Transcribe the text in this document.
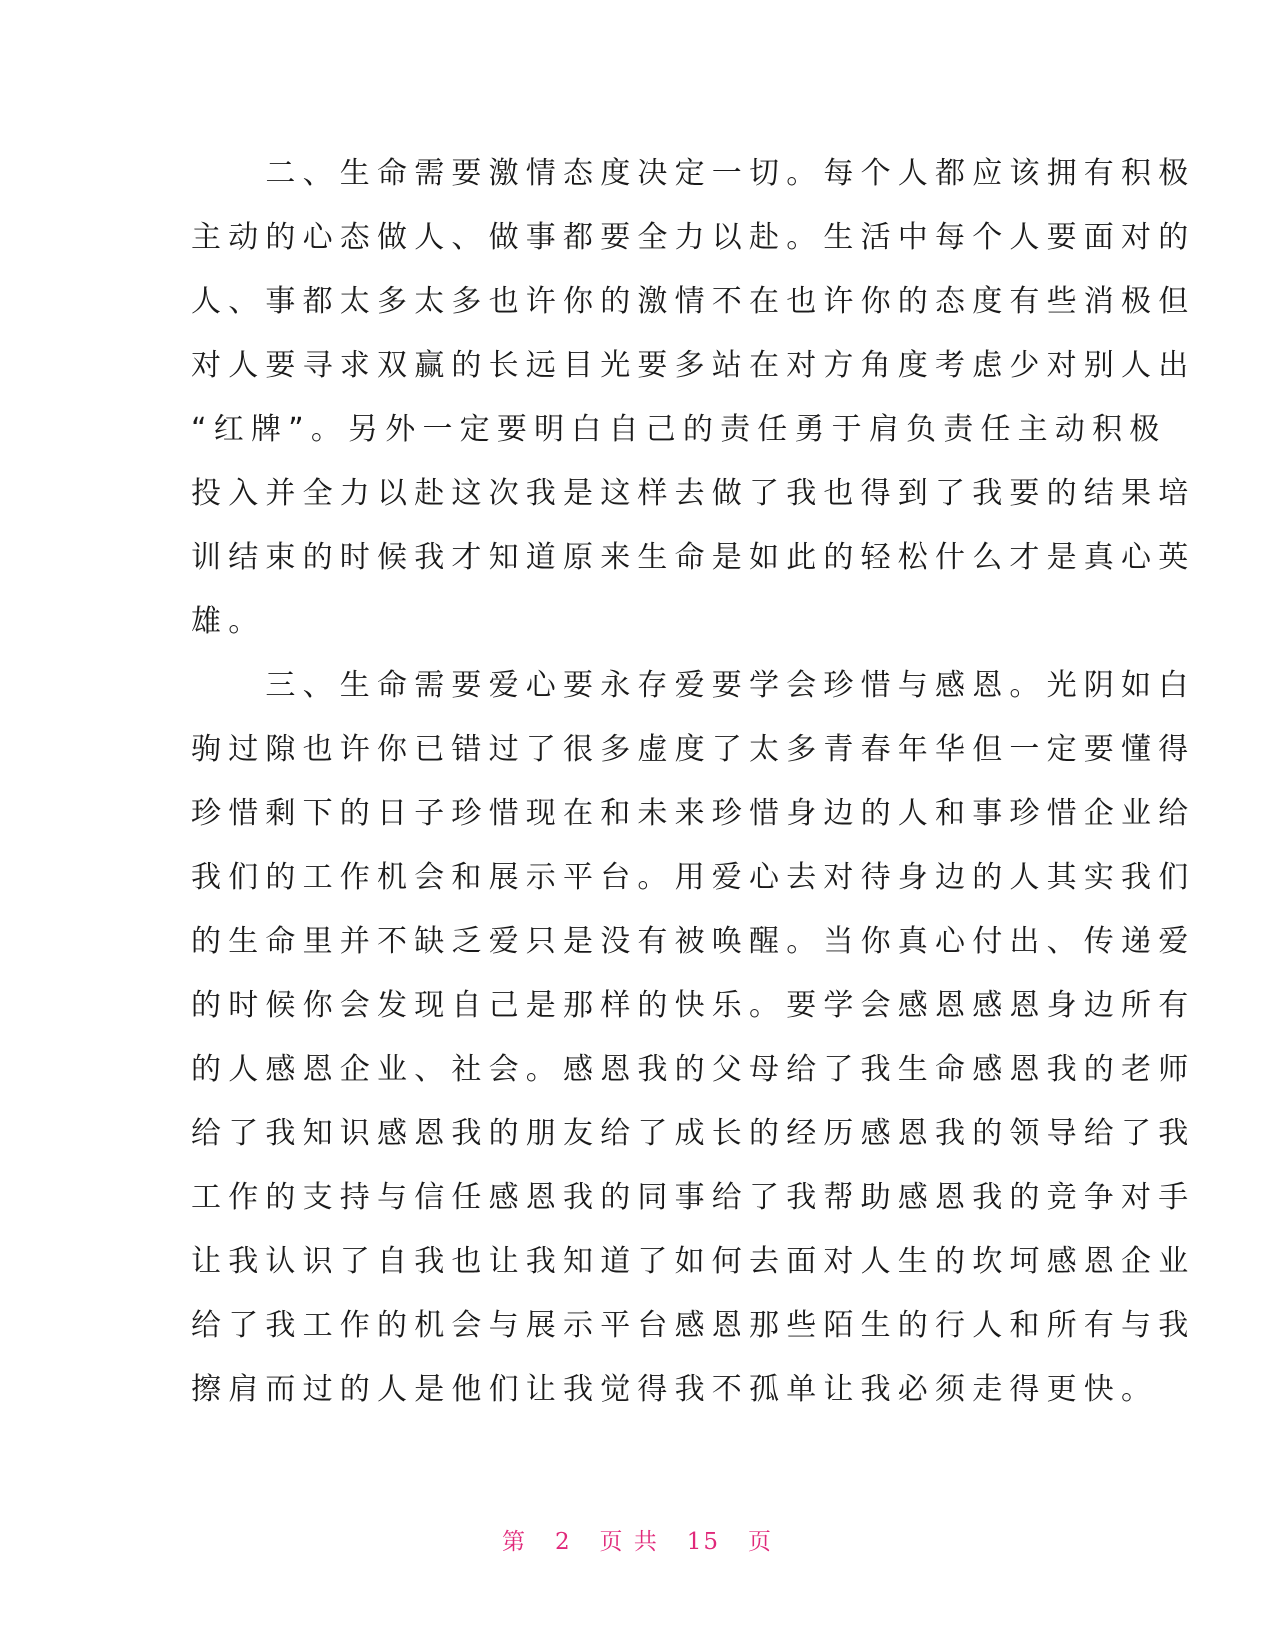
　　二、生命需要激情态度决定一切。每个人都应该拥有积极
主动的心态做人、做事都要全力以赴。生活中每个人要面对的
人、事都太多太多也许你的激情不在也许你的态度有些消极但
对人要寻求双赢的长远目光要多站在对方角度考虑少对别人出
“红牌”。另外一定要明白自己的责任勇于肩负责任主动积极
投入并全力以赴这次我是这样去做了我也得到了我要的结果培
训结束的时候我才知道原来生命是如此的轻松什么才是真心英
雄。
　　三、生命需要爱心要永存爱要学会珍惜与感恩。光阴如白
驹过隙也许你已错过了很多虚度了太多青春年华但一定要懂得
珍惜剩下的日子珍惜现在和未来珍惜身边的人和事珍惜企业给
我们的工作机会和展示平台。用爱心去对待身边的人其实我们
的生命里并不缺乏爱只是没有被唤醒。当你真心付出、传递爱
的时候你会发现自己是那样的快乐。要学会感恩感恩身边所有
的人感恩企业、社会。感恩我的父母给了我生命感恩我的老师
给了我知识感恩我的朋友给了成长的经历感恩我的领导给了我
工作的支持与信任感恩我的同事给了我帮助感恩我的竞争对手
让我认识了自我也让我知道了如何去面对人生的坎坷感恩企业
给了我工作的机会与展示平台感恩那些陌生的行人和所有与我
擦肩而过的人是他们让我觉得我不孤单让我必须走得更快。
第 2 页 共 15 页
